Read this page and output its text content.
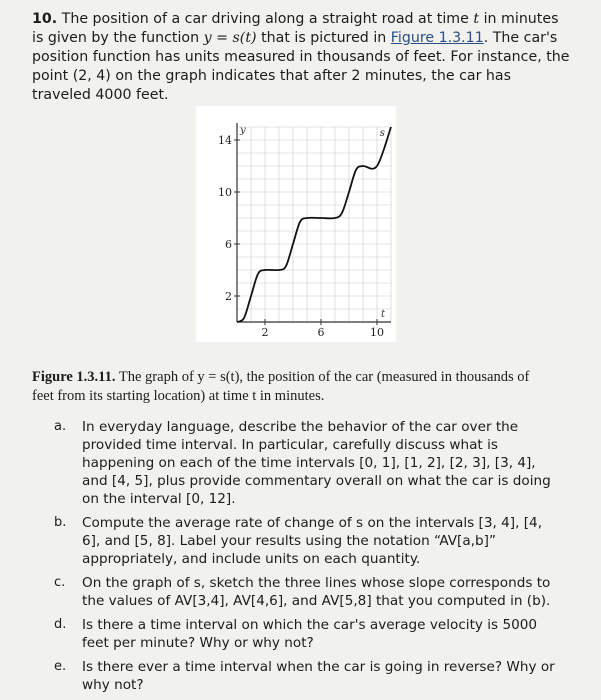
10. The position of a car driving along a straight road at time t in minutes is given by the function y = s(t) that is pictured in Figure 1.3.11. The car's position function has units measured in thousands of feet. For instance, the point (2, 4) on the graph indicates that after 2 minutes, the car has traveled 4000 feet.
2	6	10
2
6
10
14
y
t
s
Figure 1.3.11. The graph of y = s(t), the position of the car (measured in thousands of feet from its starting location) at time t in minutes.
a.	In everyday language, describe the behavior of the car over the provided time interval. In particular, carefully discuss what is happening on each of the time intervals [0, 1], [1, 2], [2, 3], [3, 4], and [4, 5], plus provide commentary overall on what the car is doing on the interval [0, 12].
b.	Compute the average rate of change of s on the intervals [3, 4], [4, 6], and [5, 8]. Label your results using the notation “AV[a,b]” appropriately, and include units on each quantity.
c.	On the graph of s, sketch the three lines whose slope corresponds to the values of AV[3,4], AV[4,6], and AV[5,8] that you computed in (b).
d.	Is there a time interval on which the car's average velocity is 5000 feet per minute? Why or why not?
e.	Is there ever a time interval when the car is going in reverse? Why or why not?
